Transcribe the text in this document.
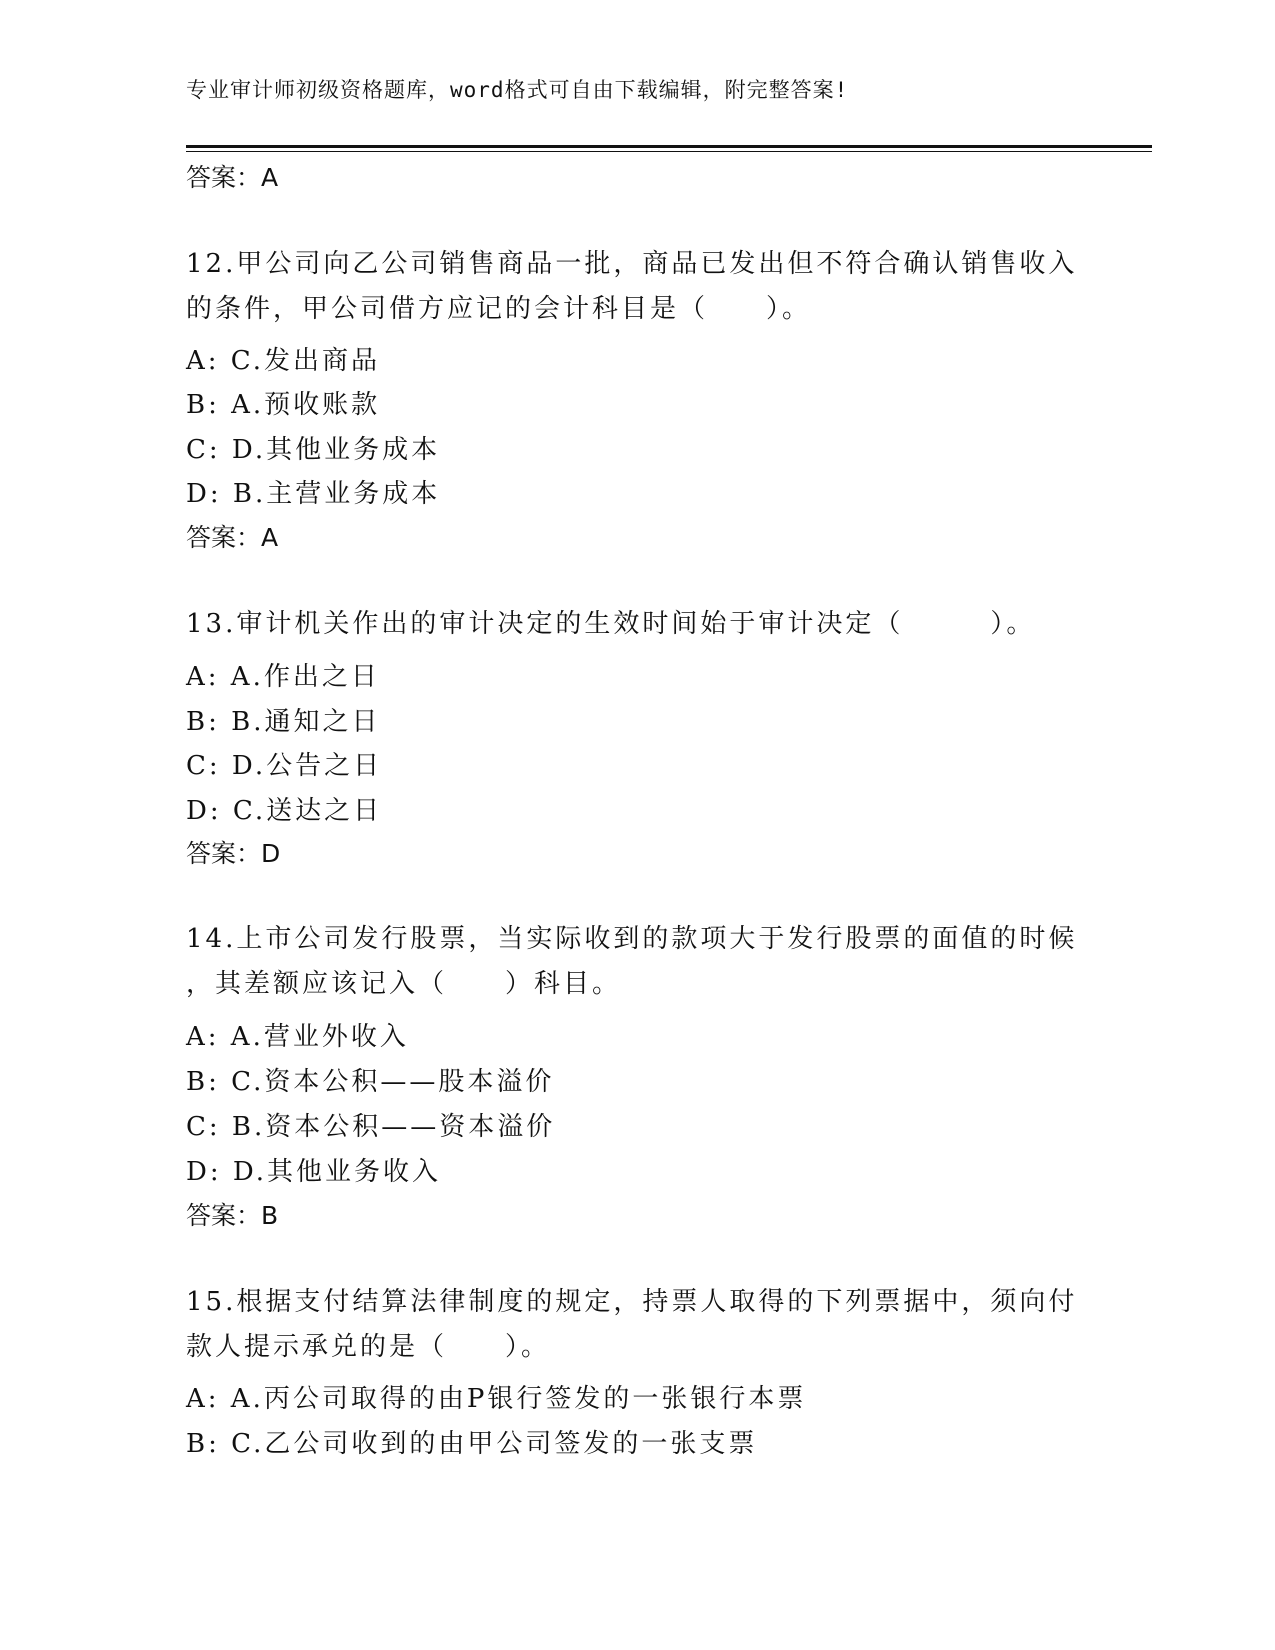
专业审计师初级资格题库，word格式可自由下载编辑，附完整答案!
答案：A
12.甲公司向乙公司销售商品一批，商品已发出但不符合确认销售收入
的条件，甲公司借方应记的会计科目是（　　）。
A: C.发出商品
B: A.预收账款
C: D.其他业务成本
D: B.主营业务成本
答案：A
13.审计机关作出的审计决定的生效时间始于审计决定（　　　）。
A: A.作出之日
B: B.通知之日
C: D.公告之日
D: C.送达之日
答案：D
14.上市公司发行股票，当实际收到的款项大于发行股票的面值的时候
，其差额应该记入（　　）科目。
A: A.营业外收入
B: C.资本公积——股本溢价
C: B.资本公积——资本溢价
D: D.其他业务收入
答案：B
15.根据支付结算法律制度的规定，持票人取得的下列票据中，须向付
款人提示承兑的是（　　）。
A: A.丙公司取得的由P银行签发的一张银行本票
B: C.乙公司收到的由甲公司签发的一张支票
